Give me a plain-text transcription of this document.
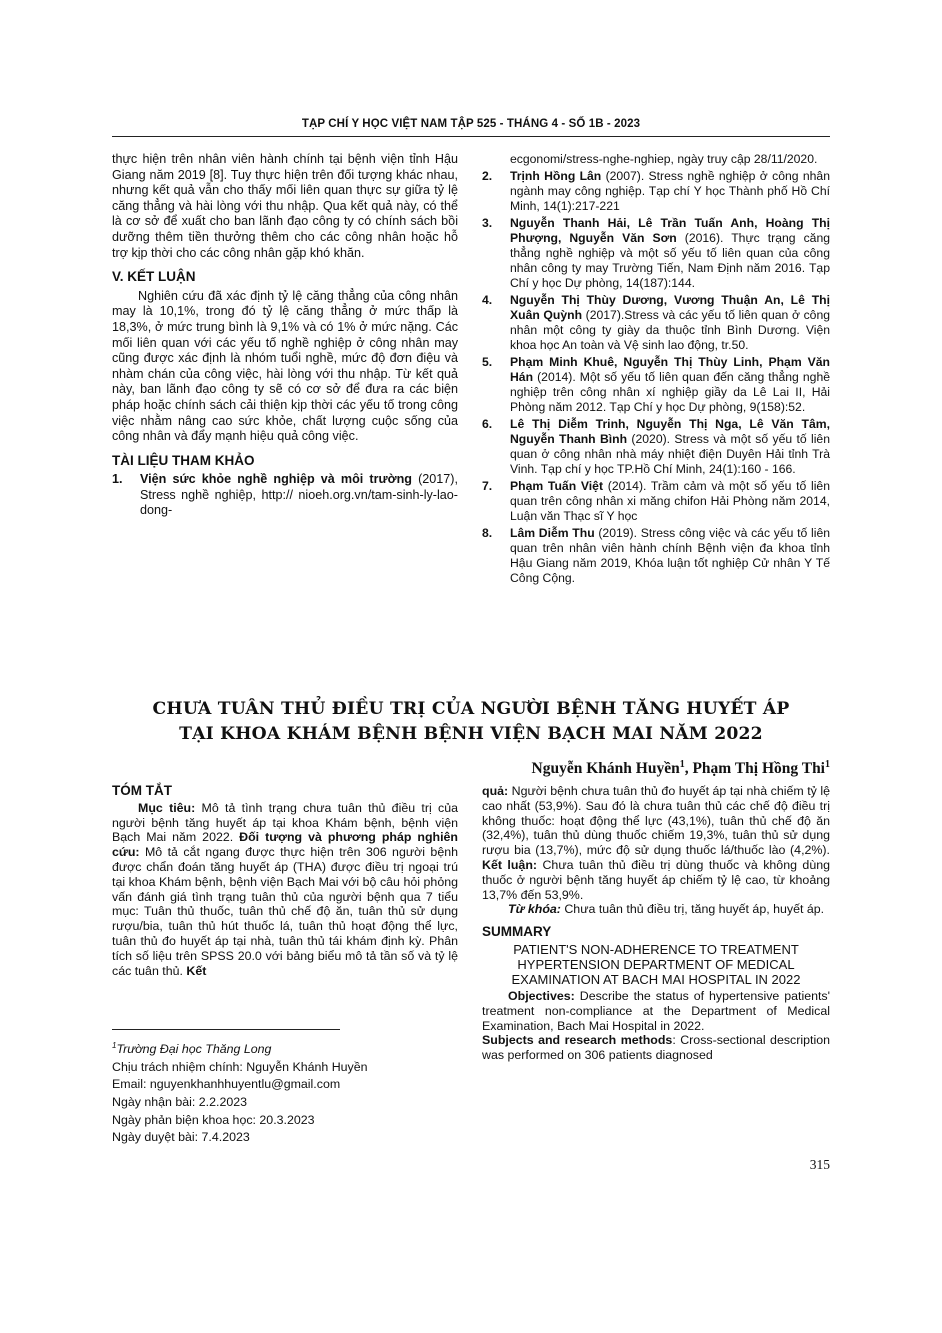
TẠP CHÍ Y HỌC VIỆT NAM TẬP 525 - THÁNG 4 - SỐ 1B - 2023

thực hiện trên nhân viên hành chính tại bệnh viện tỉnh Hậu Giang năm 2019 [8]. Tuy thực hiện trên đối tượng khác nhau, nhưng kết quả vẫn cho thấy mối liên quan thực sự giữa tỷ lệ căng thẳng và hài lòng với thu nhập. Qua kết quả này, có thể là cơ sở để xuất cho ban lãnh đạo công ty có chính sách bồi dưỡng thêm tiền thưởng thêm cho các công nhân hoặc hỗ trợ kịp thời cho các công nhân gặp khó khăn.

V. KẾT LUẬN

Nghiên cứu đã xác định tỷ lệ căng thẳng của công nhân may là 10,1%, trong đó tỷ lệ căng thẳng ở mức thấp là 18,3%, ở mức trung bình là 9,1% và có 1% ở mức nặng. Các mối liên quan với các yếu tố nghề nghiệp ở công nhân may cũng được xác định là nhóm tuổi nghề, mức độ đơn điệu và nhàm chán của công việc, hài lòng với thu nhập. Từ kết quả này, ban lãnh đạo công ty sẽ có cơ sở để đưa ra các biện pháp hoặc chính sách cải thiện kịp thời các yếu tố trong công việc nhằm nâng cao sức khỏe, chất lượng cuộc sống của công nhân và đẩy mạnh hiệu quả công việc.

TÀI LIỆU THAM KHẢO

1.	Viện sức khỏe nghề nghiệp và môi trường (2017), Stress nghề nghiệp, http:// nioeh.org.vn/tam-sinh-ly-lao-dong-
ecgonomi/stress-nghe-nghiep, ngày truy cập 28/11/2020.
2.	Trịnh Hồng Lân (2007). Stress nghề nghiệp ở công nhân ngành may công nghiệp. Tạp chí Y học Thành phố Hồ Chí Minh, 14(1):217-221
3.	Nguyễn Thanh Hải, Lê Trần Tuấn Anh, Hoàng Thị Phượng, Nguyễn Văn Sơn (2016). Thực trạng căng thẳng nghề nghiệp và một số yếu tố liên quan của công nhân công ty may Trường Tiến, Nam Định năm 2016. Tạp Chí y học Dự phòng, 14(187):144.
4.	Nguyễn Thị Thùy Dương, Vương Thuận An, Lê Thị Xuân Quỳnh (2017).Stress và các yếu tố liên quan ở công nhân một công ty giày da thuộc tỉnh Bình Dương. Viện khoa học An toàn và Vệ sinh lao động, tr.50.
5.	Phạm Minh Khuê, Nguyễn Thị Thùy Linh, Phạm Văn Hán (2014). Một số yếu tố liên quan đến căng thẳng nghề nghiệp trên công nhân xí nghiệp giầy da Lê Lai II, Hải Phòng năm 2012. Tạp Chí y học Dự phòng, 9(158):52.
6.	Lê Thị Diễm Trinh, Nguyễn Thị Nga, Lê Văn Tâm, Nguyễn Thanh Bình (2020). Stress và một số yếu tố liên quan ở công nhân nhà máy nhiệt điện Duyên Hải tỉnh Trà Vinh. Tạp chí y học TP.Hồ Chí Minh, 24(1):160 - 166.
7.	Phạm Tuấn Việt (2014). Trầm cảm và một số yếu tố liên quan trên công nhân xi măng chifon Hải Phòng năm 2014, Luận văn Thạc sĩ Y học
8.	Lâm Diễm Thu (2019). Stress công việc và các yếu tố liên quan trên nhân viên hành chính Bệnh viện đa khoa tỉnh Hậu Giang năm 2019, Khóa luận tốt nghiệp Cử nhân Y Tế Công Cộng.
CHƯA TUÂN THỦ ĐIỀU TRỊ CỦA NGƯỜI BỆNH TĂNG HUYẾT ÁP
TẠI KHOA KHÁM BỆNH BỆNH VIỆN BẠCH MAI NĂM 2022
Nguyễn Khánh Huyền$^1$, Phạm Thị Hồng Thi$^1$

TÓM TẮT

Mục tiêu: Mô tả tình trạng chưa tuân thủ điều trị của người bệnh tăng huyết áp tại khoa Khám bệnh, bệnh viện Bạch Mai năm 2022. Đối tượng và phương pháp nghiên cứu: Mô tả cắt ngang được thực hiện trên 306 người bệnh được chẩn đoán tăng huyết áp (THA) được điều trị ngoại trú tại khoa Khám bệnh, bệnh viện Bạch Mai với bộ câu hỏi phỏng vấn đánh giá tình trạng tuân thủ của người bệnh qua 7 tiểu mục: Tuân thủ thuốc, tuân thủ chế độ ăn, tuân thủ sử dụng rượu/bia, tuân thủ hút thuốc lá, tuân thủ hoạt động thể lực, tuân thủ đo huyết áp tại nhà, tuân thủ tái khám định kỳ. Phân tích số liệu trên SPSS 20.0 với bảng biểu mô tả tần số và tỷ lệ các tuân thủ. Kết

quả: Người bệnh chưa tuân thủ đo huyết áp tại nhà chiếm tỷ lệ cao nhất (53,9%). Sau đó là chưa tuân thủ các chế độ điều trị không thuốc: hoạt động thể lực (43,1%), tuân thủ chế độ ăn (32,4%), tuân thủ dùng thuốc chiếm 19,3%, tuân thủ sử dụng rượu bia (13,7%), mức độ sử dụng thuốc lá/thuốc lào (4,2%). Kết luận: Chưa tuân thủ điều trị dùng thuốc và không dùng thuốc ở người bệnh tăng huyết áp chiếm tỷ lệ cao, từ khoảng 13,7% đến 53,9%.

Từ khóa: Chưa tuân thủ điều trị, tăng huyết áp, huyết áp.

SUMMARY

PATIENT'S NON-ADHERENCE TO TREATMENT HYPERTENSION DEPARTMENT OF MEDICAL EXAMINATION AT BACH MAI HOSPITAL IN 2022

Objectives: Describe the status of hypertensive patients' treatment non-compliance at the Department of Medical Examination, Bach Mai Hospital in 2022.

Subjects and research methods: Cross-sectional description was performed on 306 patients diagnosed

$^1$Trường Đại học Thăng Long
Chịu trách nhiệm chính: Nguyễn Khánh Huyền
Email: nguyenkhanhhuyentlu@gmail.com
Ngày nhận bài: 2.2.2023
Ngày phản biện khoa học: 20.3.2023
Ngày duyệt bài: 7.4.2023
315
